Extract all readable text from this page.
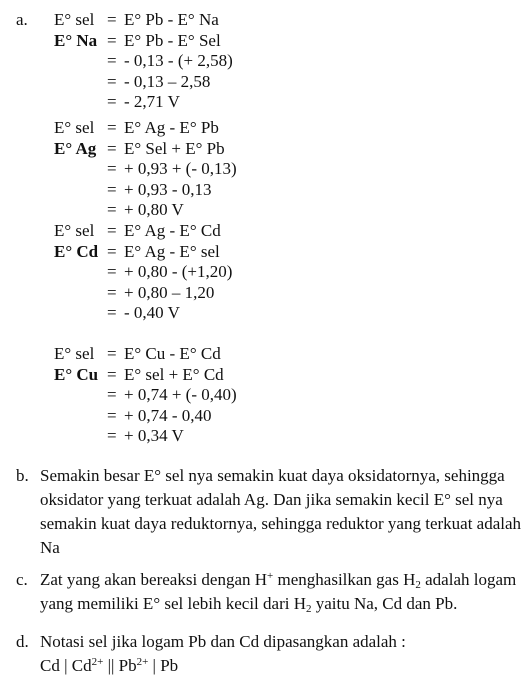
a. E° sel = E° Pb - E° Na
E° Na = E° Pb - E° Sel
= - 0,13 - (+ 2,58)
= - 0,13 – 2,58
= - 2,71 V
E° sel = E° Ag - E° Pb
E° Ag = E° Sel + E° Pb
= + 0,93 + (- 0,13)
= + 0,93 - 0,13
= + 0,80 V
E° sel = E° Ag - E° Cd
E° Cd = E° Ag - E° sel
= + 0,80 - (+1,20)
= + 0,80 – 1,20
= - 0,40 V
E° sel = E° Cu - E° Cd
E° Cu = E° sel + E° Cd
= + 0,74 + (- 0,40)
= + 0,74 - 0,40
= + 0,34 V
b. Semakin besar E° sel nya semakin kuat daya oksidatornya, sehingga
oksidator yang terkuat adalah Ag. Dan jika semakin kecil E° sel nya
semakin kuat daya reduktornya, sehingga reduktor yang terkuat adalah
Na
c. Zat yang akan bereaksi dengan H+ menghasilkan gas $H_2$ adalah logam
yang memiliki E° sel lebih kecil dari $H_2$ yaitu Na, Cd dan Pb.
d. Notasi sel jika logam Pb dan Cd dipasangkan adalah :
Cd | $Cd^{2+}$ || $Pb^{2+}$ | Pb
